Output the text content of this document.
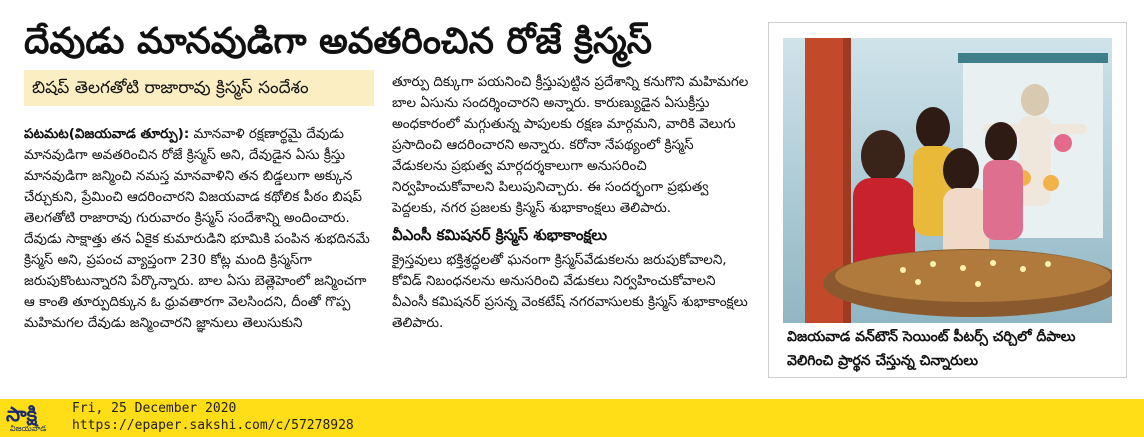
దేవుడు మానవుడిగా అవతరించిన రోజే క్రిస్మస్
బిషప్ తెలగతోటి రాజారావు క్రిస్మస్ సందేశం

పటమట(విజయవాడ తూర్పు): మానవాళి రక్షణార్థమై దేవుడు మానవుడిగా అవతరించిన రోజే క్రిస్మస్ అని, దేవుడైన ఏసు క్రీస్తు మానవుడిగా జన్మించి నమస్త మానవాళిని తన బిడ్డలుగా అక్కున చేర్చుకుని, ప్రేమించి ఆదరించారని విజయవాడ కథోలిక పీఠం బిషప్ తెలగతోటి రాజారావు గురువారం క్రిస్మస్ సందేశాన్ని అందించారు. దేవుడు సాక్షాత్తు తన ఏకైక కుమారుడిని భూమికి పంపిన శుభదినమే క్రిస్మస్ అని, ప్రపంచ వ్యాప్తంగా 230 కోట్ల మంది క్రిస్మస్‌గా జరుపుకొంటున్నారని పేర్కొన్నారు. బాల ఏసు బెత్లెహెంలో జన్మించగా ఆ కాంతి తూర్పుదిక్కున ఓ ధ్రువతారగా వెలసిందని, దీంతో గొప్ప మహిమగల దేవుడు జన్మించారని జ్ఞానులు తెలుసుకుని

తూర్పు దిక్కుగా పయనించి క్రీస్తుపుట్టిన ప్రదేశాన్ని కనుగొని మహిమగల బాల ఏసును సందర్శించారని అన్నారు. కారుణ్యుడైన ఏసుక్రీస్తు అంధకారంలో మగ్గుతున్న పాపులకు రక్షణ మార్గమని, వారికి వెలుగు ప్రసాదించి ఆదరించారని అన్నారు. కరోనా నేపథ్యంలో క్రిస్మస్ వేడుకలను ప్రభుత్వ మార్గదర్శకాలుగా అనుసరించి నిర్వహించుకోవాలని పిలుపునిచ్చారు. ఈ సందర్భంగా ప్రభుత్వ పెద్దలకు, నగర ప్రజలకు క్రిస్మస్ శుభాకాంక్షలు తెలిపారు.

వీఎంసీ కమిషనర్ క్రిస్మస్ శుభాకాంక్షలు

క్రైస్తవులు భక్తిశ్రద్ధలతో ఘనంగా క్రిస్మస్‌వేడుకలను జరుపుకోవాలని, కోవిడ్ నిబంధనలను అనుసరించి వేడుకలు నిర్వహించుకోవాలని వీఎంసీ కమిషనర్ ప్రసన్న వెంకటేష్ నగరవాసులకు క్రిస్మస్ శుభాకాంక్షలు తెలిపారు.

విజయవాడ వన్‌టౌన్ సెయింట్ పీటర్స్ చర్చిలో దీపాలు వెలిగించి ప్రార్థన చేస్తున్న చిన్నారులు
సాక్షి
విజయవాడ
Fri, 25 December 2020
https://epaper.sakshi.com/c/57278928
